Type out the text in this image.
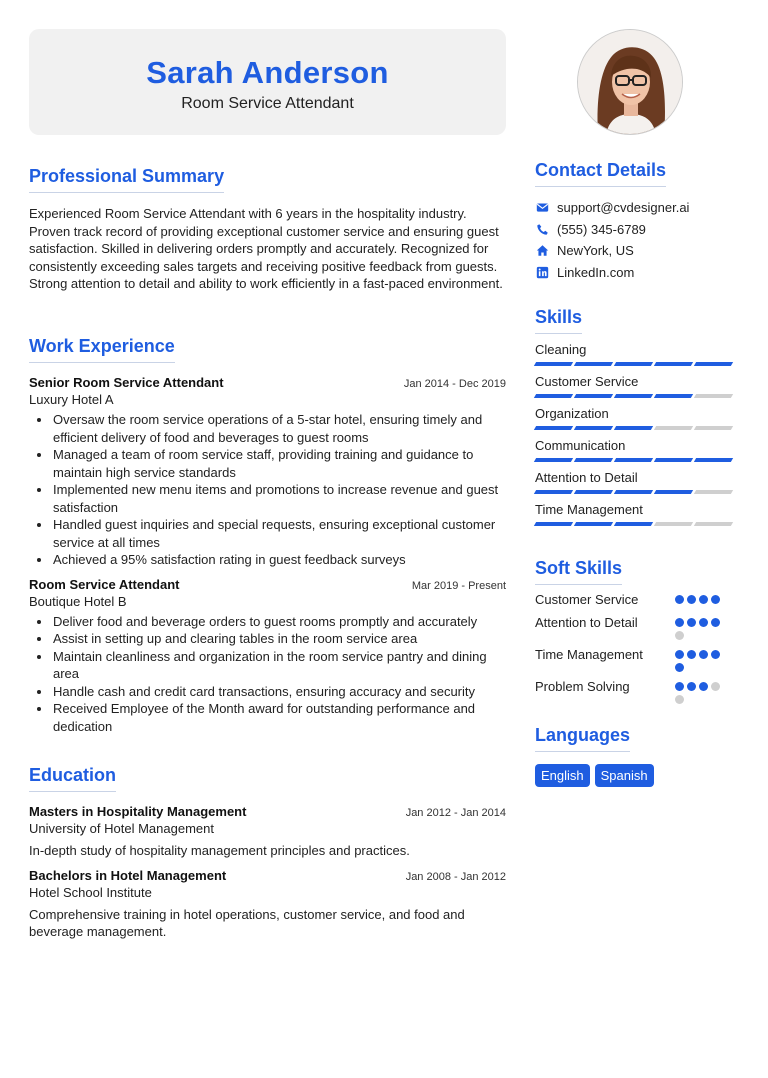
Sarah Anderson
Room Service Attendant
Professional Summary
Experienced Room Service Attendant with 6 years in the hospitality industry. Proven track record of providing exceptional customer service and ensuring guest satisfaction. Skilled in delivering orders promptly and accurately. Recognized for consistently exceeding sales targets and receiving positive feedback from guests. Strong attention to detail and ability to work efficiently in a fast-paced environment.
Work Experience
Senior Room Service Attendant	Jan 2014 - Dec 2019
Luxury Hotel A
Oversaw the room service operations of a 5-star hotel, ensuring timely and efficient delivery of food and beverages to guest rooms
Managed a team of room service staff, providing training and guidance to maintain high service standards
Implemented new menu items and promotions to increase revenue and guest satisfaction
Handled guest inquiries and special requests, ensuring exceptional customer service at all times
Achieved a 95% satisfaction rating in guest feedback surveys
Room Service Attendant	Mar 2019 - Present
Boutique Hotel B
Deliver food and beverage orders to guest rooms promptly and accurately
Assist in setting up and clearing tables in the room service area
Maintain cleanliness and organization in the room service pantry and dining area
Handle cash and credit card transactions, ensuring accuracy and security
Received Employee of the Month award for outstanding performance and dedication
Education
Masters in Hospitality Management	Jan 2012 - Jan 2014
University of Hotel Management
In-depth study of hospitality management principles and practices.
Bachelors in Hotel Management	Jan 2008 - Jan 2012
Hotel School Institute
Comprehensive training in hotel operations, customer service, and food and beverage management.
Contact Details
support@cvdesigner.ai
(555) 345-6789
NewYork, US
LinkedIn.com
Skills
Cleaning
Customer Service
Organization
Communication
Attention to Detail
Time Management
Soft Skills
Customer Service
Attention to Detail
Time Management
Problem Solving
Languages
English	Spanish
